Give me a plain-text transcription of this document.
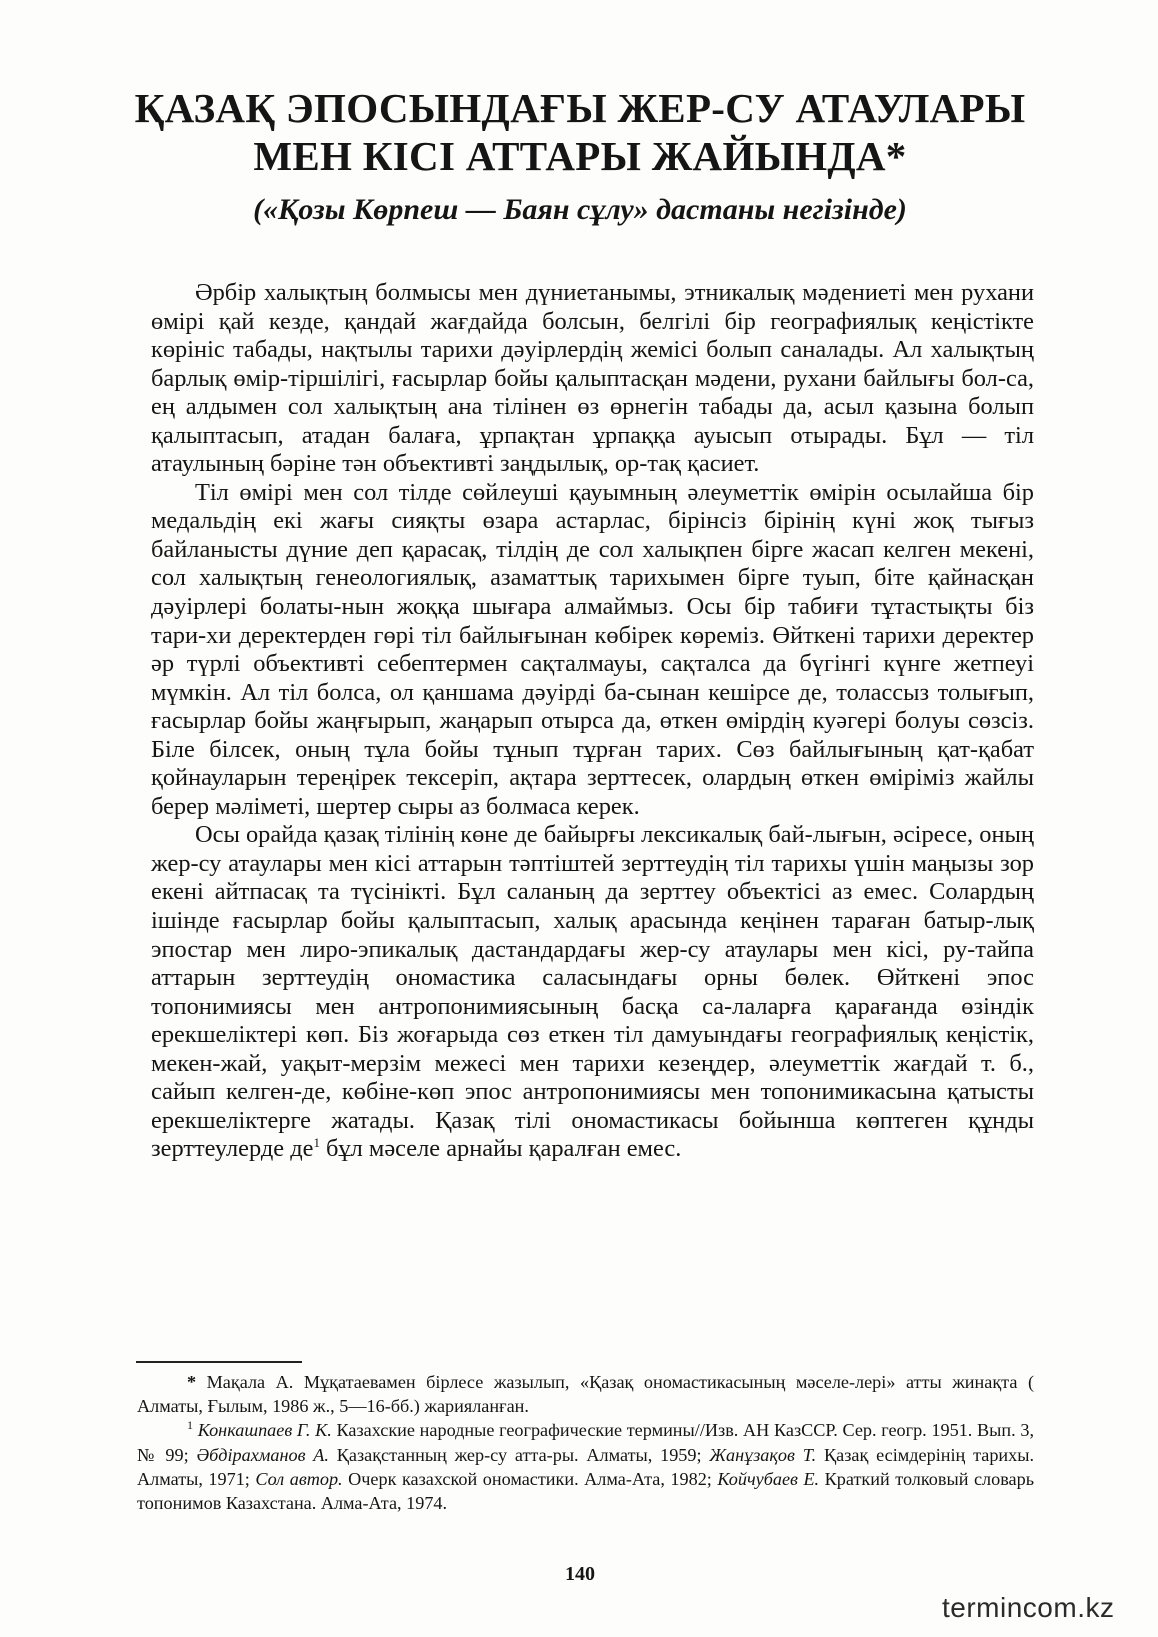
ҚАЗАҚ ЭПОСЫНДАҒЫ ЖЕР-СУ АТАУЛАРЫ
МЕН КІСІ АТТАРЫ ЖАЙЫНДА*
(«Қозы Көрпеш — Баян сұлу» дастаны негізінде)

Әрбір халықтың болмысы мен дүниетанымы, этникалық мәдениеті мен рухани өмірі қай кезде, қандай жағдайда болсын, белгілі бір географиялық кеңістікте көрініс табады, нақтылы тарихи дәуірлердің жемісі болып саналады. Ал халықтың барлық өмір-тіршілігі, ғасырлар бойы қалыптасқан мәдени, рухани байлығы бол-са, ең алдымен сол халықтың ана тілінен өз өрнегін табады да, асыл қазына болып қалыптасып, атадан балаға, ұрпақтан ұрпаққа ауысып отырады. Бұл — тіл атаулының бәріне тән объективті заңдылық, ор-тақ қасиет.

Тіл өмірі мен сол тілде сөйлеуші қауымның әлеуметтік өмірін осылайша бір медальдің екі жағы сияқты өзара астарлас, бірінсіз бірінің күні жоқ тығыз байланысты дүние деп қарасақ, тілдің де сол халықпен бірге жасап келген мекені, сол халықтың генеологиялық, азаматтық тарихымен бірге туып, біте қайнасқан дәуірлері болаты-нын жоққа шығара алмаймыз. Осы бір табиғи тұтастықты біз тари-хи деректерден гөрі тіл байлығынан көбірек көреміз. Өйткені тарихи деректер әр түрлі объективті себептермен сақталмауы, сақталса да бүгінгі күнге жетпеуі мүмкін. Ал тіл болса, ол қаншама дәуірді ба-сынан кешірсе де, толассыз толығып, ғасырлар бойы жаңғырып, жаңарып отырса да, өткен өмірдің куәгері болуы сөзсіз. Біле білсек, оның тұла бойы тұнып тұрған тарих. Сөз байлығының қат-қабат қойнауларын тереңірек тексеріп, ақтара зерттесек, олардың өткен өміріміз жайлы берер мәліметі, шертер сыры аз болмаса керек.

Осы орайда қазақ тілінің көне де байырғы лексикалық бай-лығын, әсіресе, оның жер-су атаулары мен кісі аттарын тәптіштей зерттеудің тіл тарихы үшін маңызы зор екені айтпасақ та түсінікті. Бұл саланың да зерттеу объектісі аз емес. Солардың ішінде ғасырлар бойы қалыптасып, халық арасында кеңінен тараған батыр-лық эпостар мен лиро-эпикалық дастандардағы жер-су атаулары мен кісі, ру-тайпа аттарын зерттеудің ономастика саласындағы орны бөлек. Өйткені эпос топонимиясы мен антропонимиясының басқа са-лаларға қарағанда өзіндік ерекшеліктері көп. Біз жоғарыда сөз еткен тіл дамуындағы географиялық кеңістік, мекен-жай, уақыт-мерзім межесі мен тарихи кезеңдер, әлеуметтік жағдай т. б., сайып келген-де, көбіне-көп эпос антропонимиясы мен топонимикасына қатысты ерекшеліктерге жатады. Қазақ тілі ономастикасы бойынша көптеген құнды зерттеулерде $де^1$ бұл мәселе арнайы қаралған емес.

* Мақала А. Мұқатаевамен бірлесе жазылып, «Қазақ ономастикасының мәселе-лері» атты жинақта ( Алматы, Ғылым, 1986 ж., 5—16-бб.) жарияланған.

$^1$ Конкашпаев Г. К. Казахские народные географические термины//Изв. АН КазССР. Сер. геогр. 1951. Вып. 3, № 99; Әбдірахманов А. Қазақстанның жер-су атта-ры. Алматы, 1959; Жанұзақов Т. Қазақ есімдерінің тарихы. Алматы, 1971; Сол автор. Очерк казахской ономастики. Алма-Ата, 1982; Койчубаев Е. Краткий толковый словарь топонимов Казахстана. Алма-Ата, 1974.

140
termincom.kz
